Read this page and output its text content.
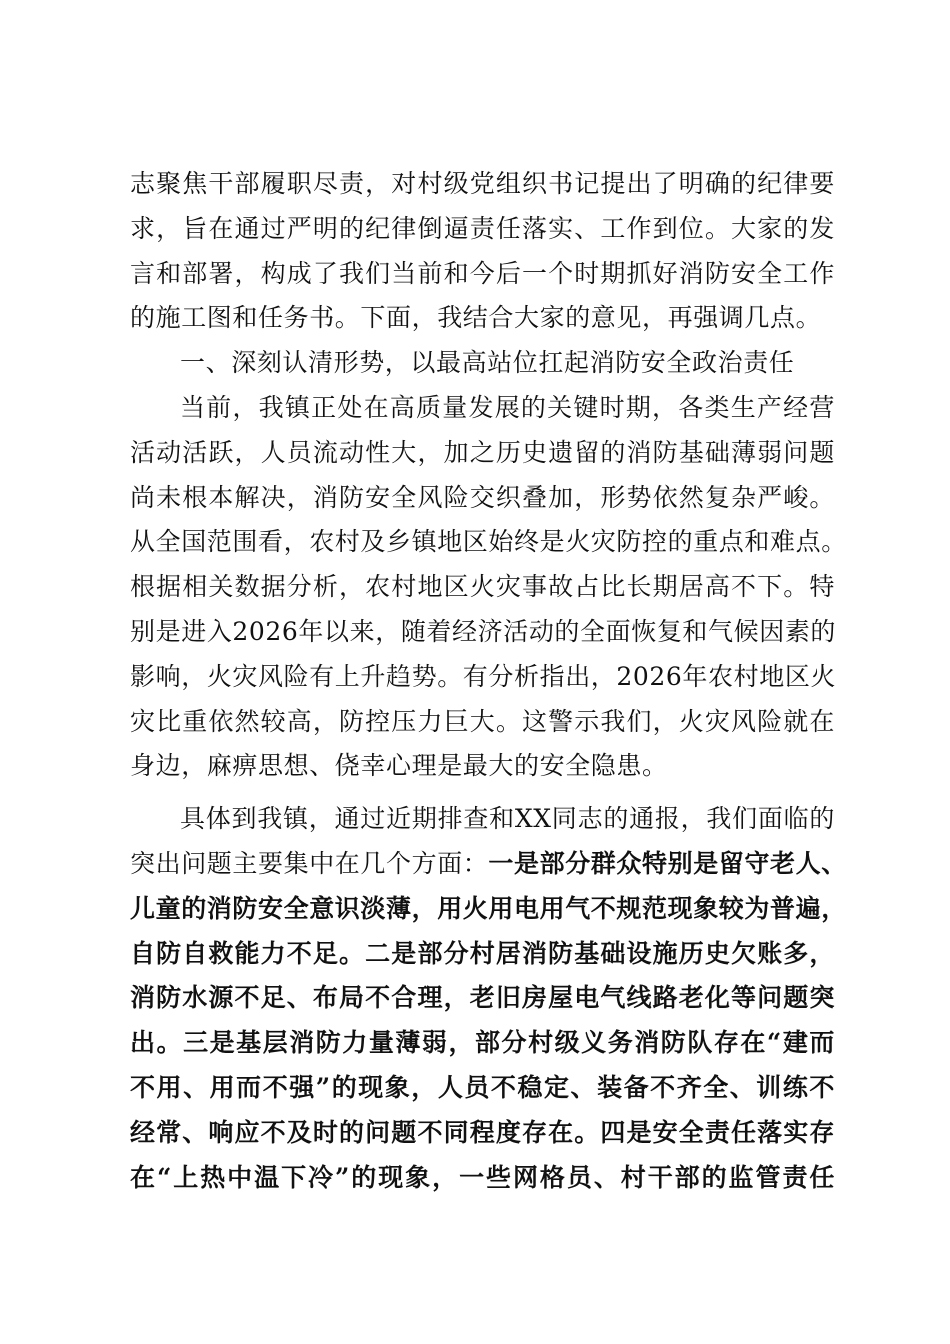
志聚焦干部履职尽责，对村级党组织书记提出了明确的纪律要
求，旨在通过严明的纪律倒逼责任落实、工作到位。大家的发
言和部署，构成了我们当前和今后一个时期抓好消防安全工作
的施工图和任务书。下面，我结合大家的意见，再强调几点。
一、深刻认清形势，以最高站位扛起消防安全政治责任
当前，我镇正处在高质量发展的关键时期，各类生产经营
活动活跃，人员流动性大，加之历史遗留的消防基础薄弱问题
尚未根本解决，消防安全风险交织叠加，形势依然复杂严峻。
从全国范围看，农村及乡镇地区始终是火灾防控的重点和难点。
根据相关数据分析，农村地区火灾事故占比长期居高不下。特
别是进入2026年以来，随着经济活动的全面恢复和气候因素的
影响，火灾风险有上升趋势。有分析指出，2026年农村地区火
灾比重依然较高，防控压力巨大。这警示我们，火灾风险就在
身边，麻痹思想、侥幸心理是最大的安全隐患。
具体到我镇，通过近期排查和XX同志的通报，我们面临的
突出问题主要集中在几个方面：一是部分群众特别是留守老人、
儿童的消防安全意识淡薄，用火用电用气不规范现象较为普遍，
自防自救能力不足。二是部分村居消防基础设施历史欠账多，
消防水源不足、布局不合理，老旧房屋电气线路老化等问题突
出。三是基层消防力量薄弱，部分村级义务消防队存在“建而
不用、用而不强”的现象，人员不稳定、装备不齐全、训练不
经常、响应不及时的问题不同程度存在。四是安全责任落实存
在“上热中温下冷”的现象，一些网格员、村干部的监管责任
